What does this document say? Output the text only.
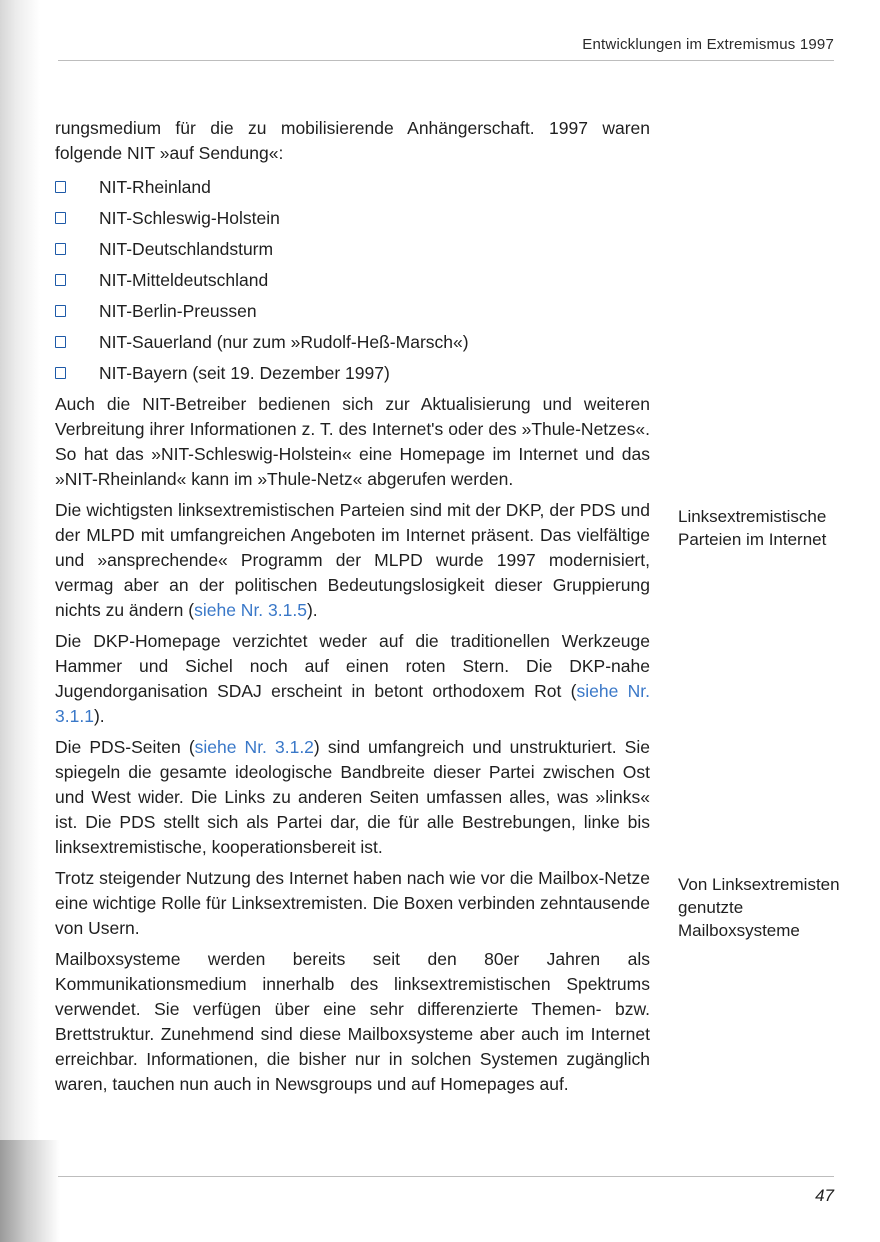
Entwicklungen im Extremismus 1997

rungsmedium für die zu mobilisierende Anhängerschaft. 1997 waren folgende NIT »auf Sendung«:

NIT-Rheinland
NIT-Schleswig-Holstein
NIT-Deutschlandsturm
NIT-Mitteldeutschland
NIT-Berlin-Preussen
NIT-Sauerland (nur zum »Rudolf-Heß-Marsch«)
NIT-Bayern (seit 19. Dezember 1997)

Auch die NIT-Betreiber bedienen sich zur Aktualisierung und weiteren Verbreitung ihrer Informationen z. T. des Internet's oder des »Thule-Netzes«. So hat das »NIT-Schleswig-Holstein« eine Homepage im Internet und das »NIT-Rheinland« kann im »Thule-Netz« abgerufen werden.

Die wichtigsten linksextremistischen Parteien sind mit der DKP, der PDS und der MLPD mit umfangreichen Angeboten im Internet präsent. Das vielfältige und »ansprechende« Programm der MLPD wurde 1997 modernisiert, vermag aber an der politischen Bedeutungslosigkeit dieser Gruppierung nichts zu ändern (siehe Nr. 3.1.5).

Die DKP-Homepage verzichtet weder auf die traditionellen Werkzeuge Hammer und Sichel noch auf einen roten Stern. Die DKP-nahe Jugendorganisation SDAJ erscheint in betont orthodoxem Rot (siehe Nr. 3.1.1).

Die PDS-Seiten (siehe Nr. 3.1.2) sind umfangreich und unstrukturiert. Sie spiegeln die gesamte ideologische Bandbreite dieser Partei zwischen Ost und West wider. Die Links zu anderen Seiten umfassen alles, was »links« ist. Die PDS stellt sich als Partei dar, die für alle Bestrebungen, linke bis linksextremistische, kooperationsbereit ist.

Trotz steigender Nutzung des Internet haben nach wie vor die Mailbox-Netze eine wichtige Rolle für Linksextremisten. Die Boxen verbinden zehntausende von Usern.

Mailboxsysteme werden bereits seit den 80er Jahren als Kommunikationsmedium innerhalb des linksextremistischen Spektrums verwendet. Sie verfügen über eine sehr differenzierte Themen- bzw. Brettstruktur. Zunehmend sind diese Mailboxsysteme aber auch im Internet erreichbar. Informationen, die bisher nur in solchen Systemen zugänglich waren, tauchen nun auch in Newsgroups und auf Homepages auf.

Linksextremistische Parteien im Internet
Von Linksextremisten genutzte Mailboxsysteme
47
